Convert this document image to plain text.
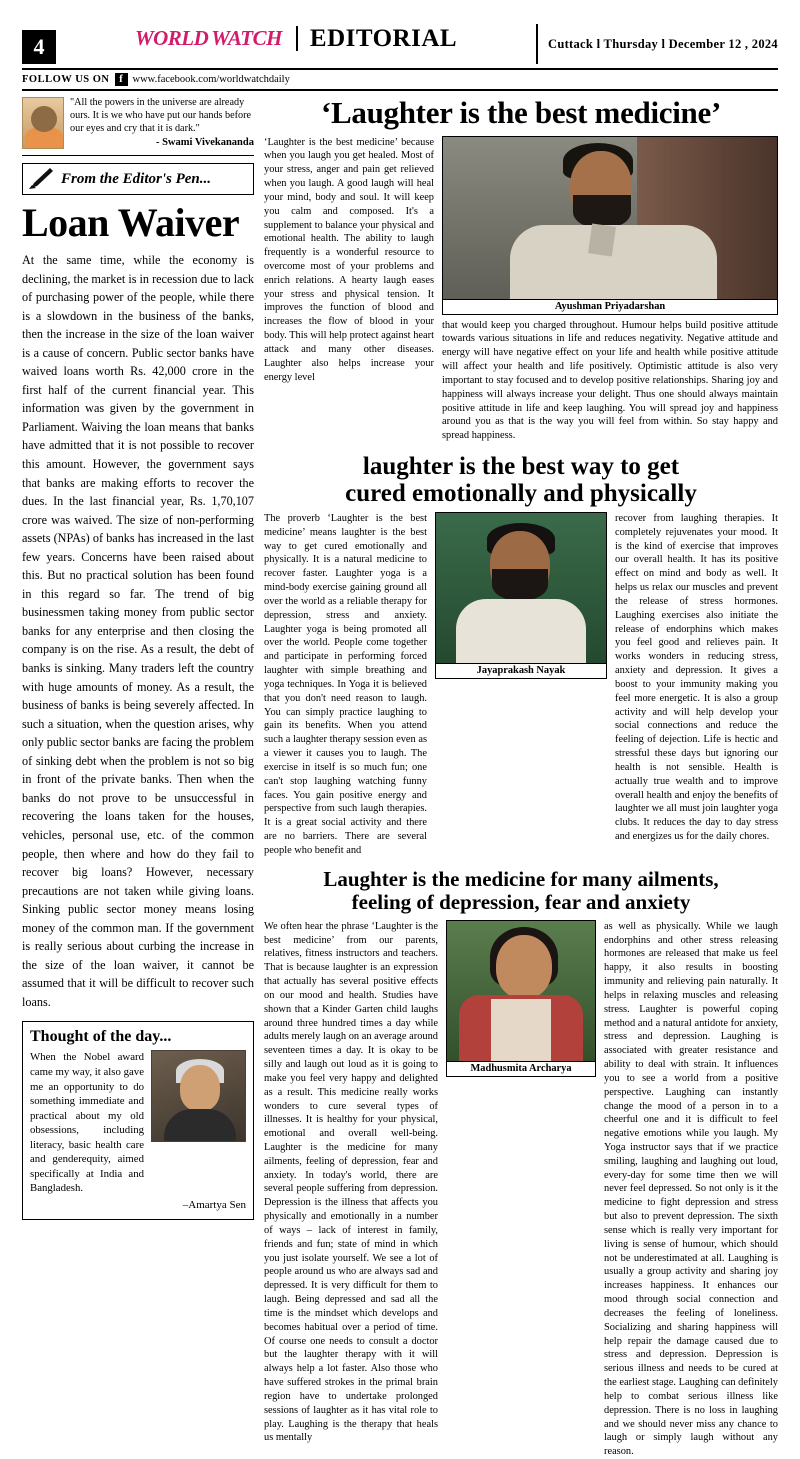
4	WORLD WATCH EDITORIAL	Cuttack l Thursday l December 12 , 2024
FOLLOW US ON f www.facebook.com/worldwatchdaily
"All the powers in the universe are already ours. It is we who have put our hands before our eyes and cry that it is dark."
- Swami Vivekananda
From the Editor's Pen...
Loan Waiver

At the same time, while the economy is declining, the market is in recession due to lack of purchasing power of the people, while there is a slowdown in the business of the banks, then the increase in the size of the loan waiver is a cause of concern. Public sector banks have waived loans worth Rs. 42,000 crore in the first half of the current financial year. This information was given by the government in Parliament. Waiving the loan means that banks have admitted that it is not possible to recover this amount. However, the government says that banks are making efforts to recover the dues. In the last financial year, Rs. 1,70,107 crore was waived. The size of non-performing assets (NPAs) of banks has increased in the last few years. Concerns have been raised about this. But no practical solution has been found in this regard so far. The trend of big businessmen taking money from public sector banks for any enterprise and then closing the company is on the rise. As a result, the debt of banks is sinking. Many traders left the country with huge amounts of money. As a result, the business of banks is being severely affected. In such a situation, when the question arises, why only public sector banks are facing the problem of sinking debt when the problem is not so big in front of the private banks. Then when the banks do not prove to be unsuccessful in recovering the loans taken for the houses, vehicles, personal use, etc. of the common people, then where and how do they fail to recover big loans? However, necessary precautions are not taken while giving loans. Sinking public sector money means losing money of the common man. If the government is really serious about curbing the increase in the size of the loan waiver, it cannot be assumed that it will be difficult to recover such loans.

Thought of the day...
When the Nobel award came my way, it also gave me an opportunity to do something immediate and practical about my old obsessions, including literacy, basic health care and genderequity, aimed specifically at India and Bangladesh.
–Amartya Sen
‘Laughter is the best medicine’

‘Laughter is the best medicine’ because when you laugh you get healed. Most of your stress, anger and pain get relieved when you laugh. A good laugh will heal your mind, body and soul. It will keep you calm and composed. It's a supplement to balance your physical and emotional health. The ability to laugh frequently is a wonderful resource to overcome most of your problems and enrich relations. A hearty laugh eases your stress and physical tension. It improves the function of blood and increases the flow of blood in your body. This will help protect against heart attack and many other diseases. Laughter also helps increase your energy level

Ayushman Priyadarshan

that would keep you charged throughout. Humour helps build positive attitude towards various situations in life and reduces negativity. Negative attitude and energy will have negative effect on your life and health while positive attitude will affect your health and life positively. Optimistic attitude is also very important to stay focused and to develop positive relationships. Sharing joy and happiness will always increase your delight. Thus one should always maintain positive attitude in life and keep laughing. You will spread joy and happiness around you as that is the way you will feel from within. So stay happy and spread happiness.

laughter is the best way to get
cured emotionally and physically

The proverb ‘Laughter is the best medicine’ means laughter is the best way to get cured emotionally and physically. It is a natural medicine to recover faster. Laughter yoga is a mind-body exercise gaining ground all over the world as a reliable therapy for depression, stress and anxiety. Laughter yoga is being promoted all over the world. People come together and participate in performing forced laughter with simple breathing and yoga techniques. In Yoga it is believed that you don't need reason to laugh. You can simply practice laughing to gain its benefits. When you attend such a laughter therapy session even as a viewer it causes you to laugh. The exercise in itself is so much fun; one can't stop laughing watching funny faces. You gain positive energy and perspective from such laugh therapies. It is a great social activity and there are no barriers. There are several people who benefit and

Jayaprakash Nayak

recover from laughing therapies. It completely rejuvenates your mood. It is the kind of exercise that improves our overall health. It has its positive effect on mind and body as well. It helps us relax our muscles and prevent the release of stress hormones. Laughing exercises also initiate the release of endorphins which makes you feel good and relieves pain. It works wonders in reducing stress, anxiety and depression. It gives a boost to your immunity making you feel more energetic. It is also a group activity and will help develop your social connections and reduce the feeling of dejection. Life is hectic and stressful these days but ignoring our health is not sensible. Health is actually true wealth and to improve overall health and enjoy the benefits of laughter we all must join laughter yoga clubs. It reduces the day to day stress and energizes us for the daily chores.

Laughter is the medicine for many ailments,
feeling of depression, fear and anxiety

We often hear the phrase ‘Laughter is the best medicine’ from our parents, relatives, fitness instructors and teachers. That is because laughter is an expression that actually has several positive effects on our mood and health. Studies have shown that a Kinder Garten child laughs around three hundred times a day while adults merely laugh on an average around seventeen times a day. It is okay to be silly and laugh out loud as it is going to make you feel very happy and delighted as a result. This medicine really works wonders to cure several types of illnesses. It is healthy for your physical, emotional and overall well-being. Laughter is the medicine for many ailments, feeling of depression, fear and anxiety. In today's world, there are several people suffering from depression. Depression is the illness that affects you physically and emotionally in a number of ways – lack of interest in family, friends and fun; state of mind in which you just isolate yourself. We see a lot of people around us who are always sad and depressed. It is very difficult for them to laugh. Being depressed and sad all the time is the mindset which develops and becomes habitual over a period of time. Of course one needs to consult a doctor but the laughter therapy with it will always help a lot faster. Also those who have suffered strokes in the primal brain region have to undertake prolonged sessions of laughter as it has vital role to play. Laughing is the therapy that heals us mentally

Madhusmita Archarya

as well as physically. While we laugh endorphins and other stress releasing hormones are released that make us feel happy, it also results in boosting immunity and relieving pain naturally. It helps in relaxing muscles and releasing stress. Laughter is powerful coping method and a natural antidote for anxiety, stress and depression. Laughing is associated with greater resistance and ability to deal with strain. It influences you to see a world from a positive perspective. Laughing can instantly change the mood of a person in to a cheerful one and it is difficult to feel negative emotions while you laugh. My Yoga instructor says that if we practice smiling, laughing and laughing out loud, every-day for some time then we will never feel depressed. So not only is it the medicine to fight depression and stress but also to prevent depression. The sixth sense which is really very important for living is sense of humour, which should not be underestimated at all. Laughing is usually a group activity and sharing joy increases happiness. It enhances our mood through social connection and decreases the feeling of loneliness. Socializing and sharing happiness will help repair the damage caused due to stress and depression. Depression is serious illness and needs to be cured at the earliest stage. Laughing can definitely help to combat serious illness like depression. There is no loss in laughing and we should never miss any chance to laugh or simply laugh without any reason.
